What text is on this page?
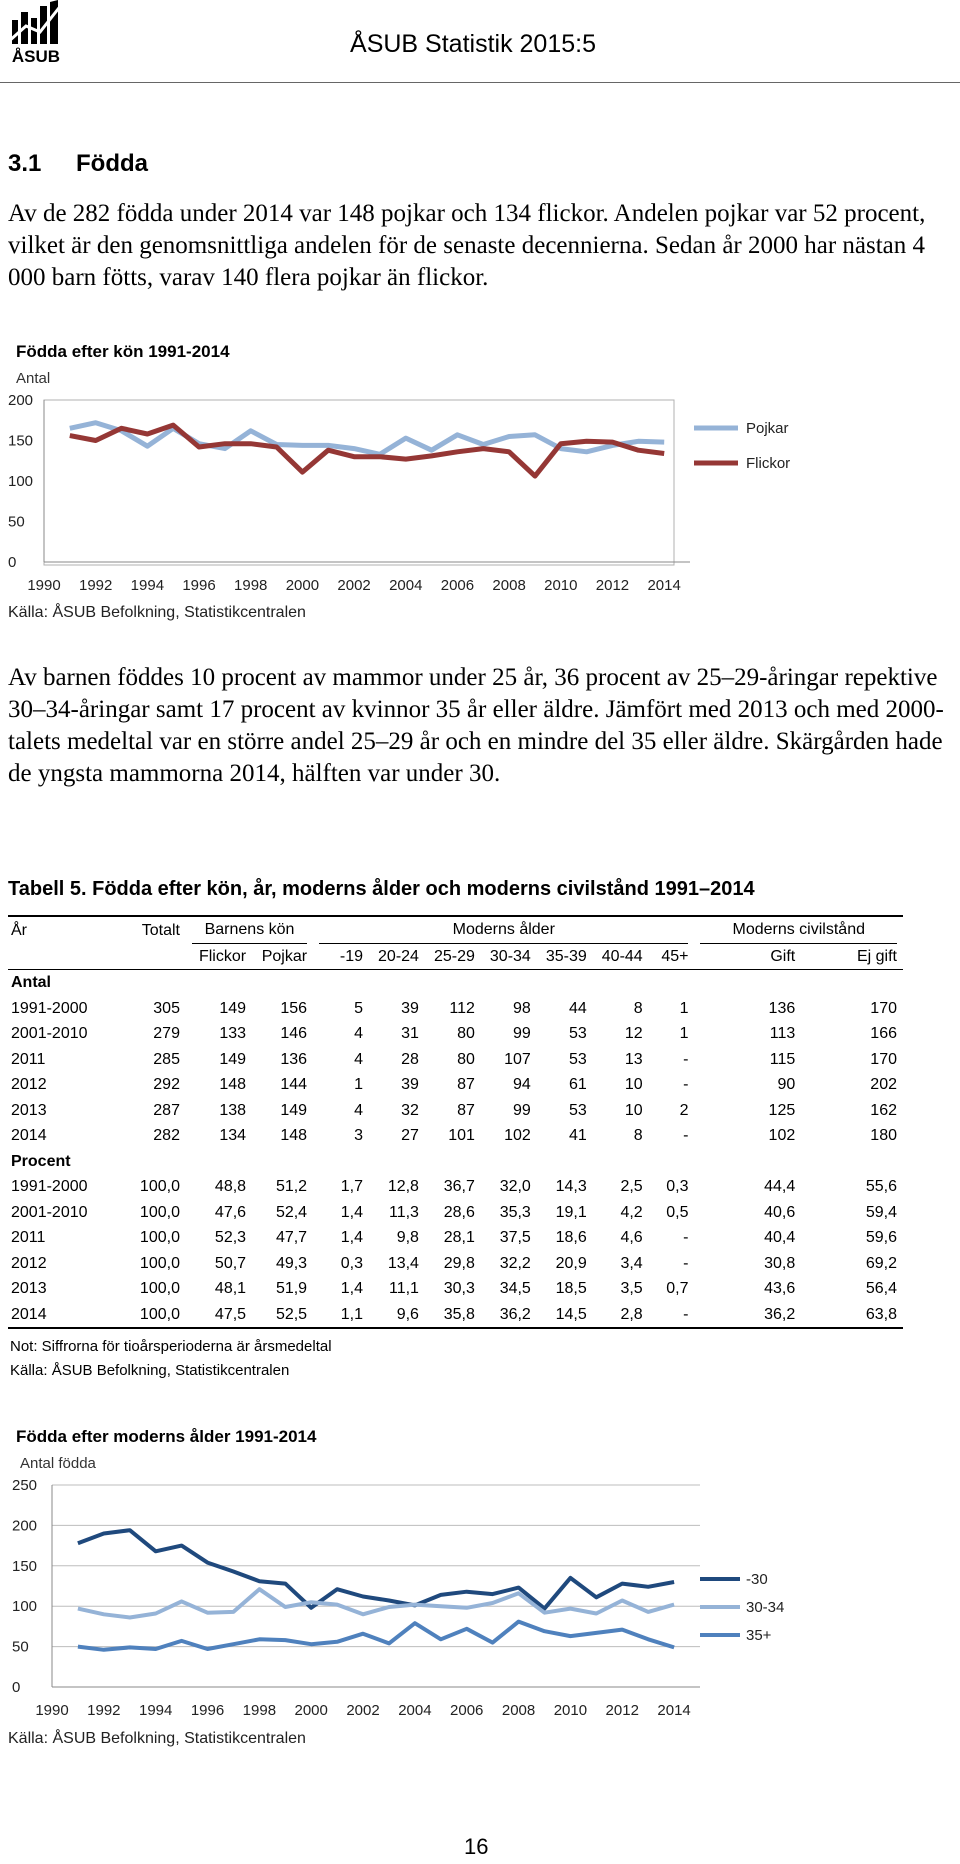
ÅSUB	ÅSUB Statistik 2015:5
3.1 Födda
Av de 282 födda under 2014 var 148 pojkar och 134 flickor. Andelen pojkar var 52 procent, vilket är den genomsnittliga andelen för de senaste decennierna. Sedan år 2000 har nästan 4 000 barn fötts, varav 140 flera pojkar än flickor.
Födda efter kön 1991-2014
Antal
0
50
100
150
200
1990 1992 1994 1996 1998 2000 2002 2004 2006 2008 2010 2012 2014
Källa: ÅSUB Befolkning, Statistikcentralen
Av barnen föddes 10 procent av mammor under 25 år, 36 procent av 25–29-åringar repektive 30–34-åringar samt 17 procent av kvinnor 35 år eller äldre. Jämfört med 2013 och med 2000-talets medeltal var en större andel 25–29 år och en mindre del 35 eller äldre. Skärgården hade de yngsta mammorna 2014, hälften var under 30.
Tabell 5. Födda efter kön, år, moderns ålder och moderns civilstånd 1991–2014
År	Totalt	Barnens kön		Moderns ålder							Moderns civilstånd	

		Flickor	Pojkar	-19	20-24	25-29	30-34	35-39	40-44	45+	Gift	Ej gift
Antal												
1991-2000	305	149	156	5	39	112	98	44	8	1	136	170
2001-2010	279	133	146	4	31	80	99	53	12	1	113	166
2011	285	149	136	4	28	80	107	53	13	-	115	170
2012	292	148	144	1	39	87	94	61	10	-	90	202
2013	287	138	149	4	32	87	99	53	10	2	125	162
2014	282	134	148	3	27	101	102	41	8	-	102	180
Procent												
1991-2000	100,0	48,8	51,2	1,7	12,8	36,7	32,0	14,3	2,5	0,3	44,4	55,6
2001-2010	100,0	47,6	52,4	1,4	11,3	28,6	35,3	19,1	4,2	0,5	40,6	59,4
2011	100,0	52,3	47,7	1,4	9,8	28,1	37,5	18,6	4,6	-	40,4	59,6
2012	100,0	50,7	49,3	0,3	13,4	29,8	32,2	20,9	3,4	-	30,8	69,2
2013	100,0	48,1	51,9	1,4	11,1	30,3	34,5	18,5	3,5	0,7	43,6	56,4
2014	100,0	47,5	52,5	1,1	9,6	35,8	36,2	14,5	2,8	-	36,2	63,8
Not: Siffrorna för tioårsperioderna är årsmedeltal
Källa: ÅSUB Befolkning, Statistikcentralen
Födda efter moderns ålder 1991-2014
Antal födda
0
50
100
150
200
250
1990 1992 1994 1996 1998 2000 2002 2004 2006 2008 2010 2012 2014
-30
30-34
35+
Källa: ÅSUB Befolkning, Statistikcentralen
16
Pojkar
Flickor
